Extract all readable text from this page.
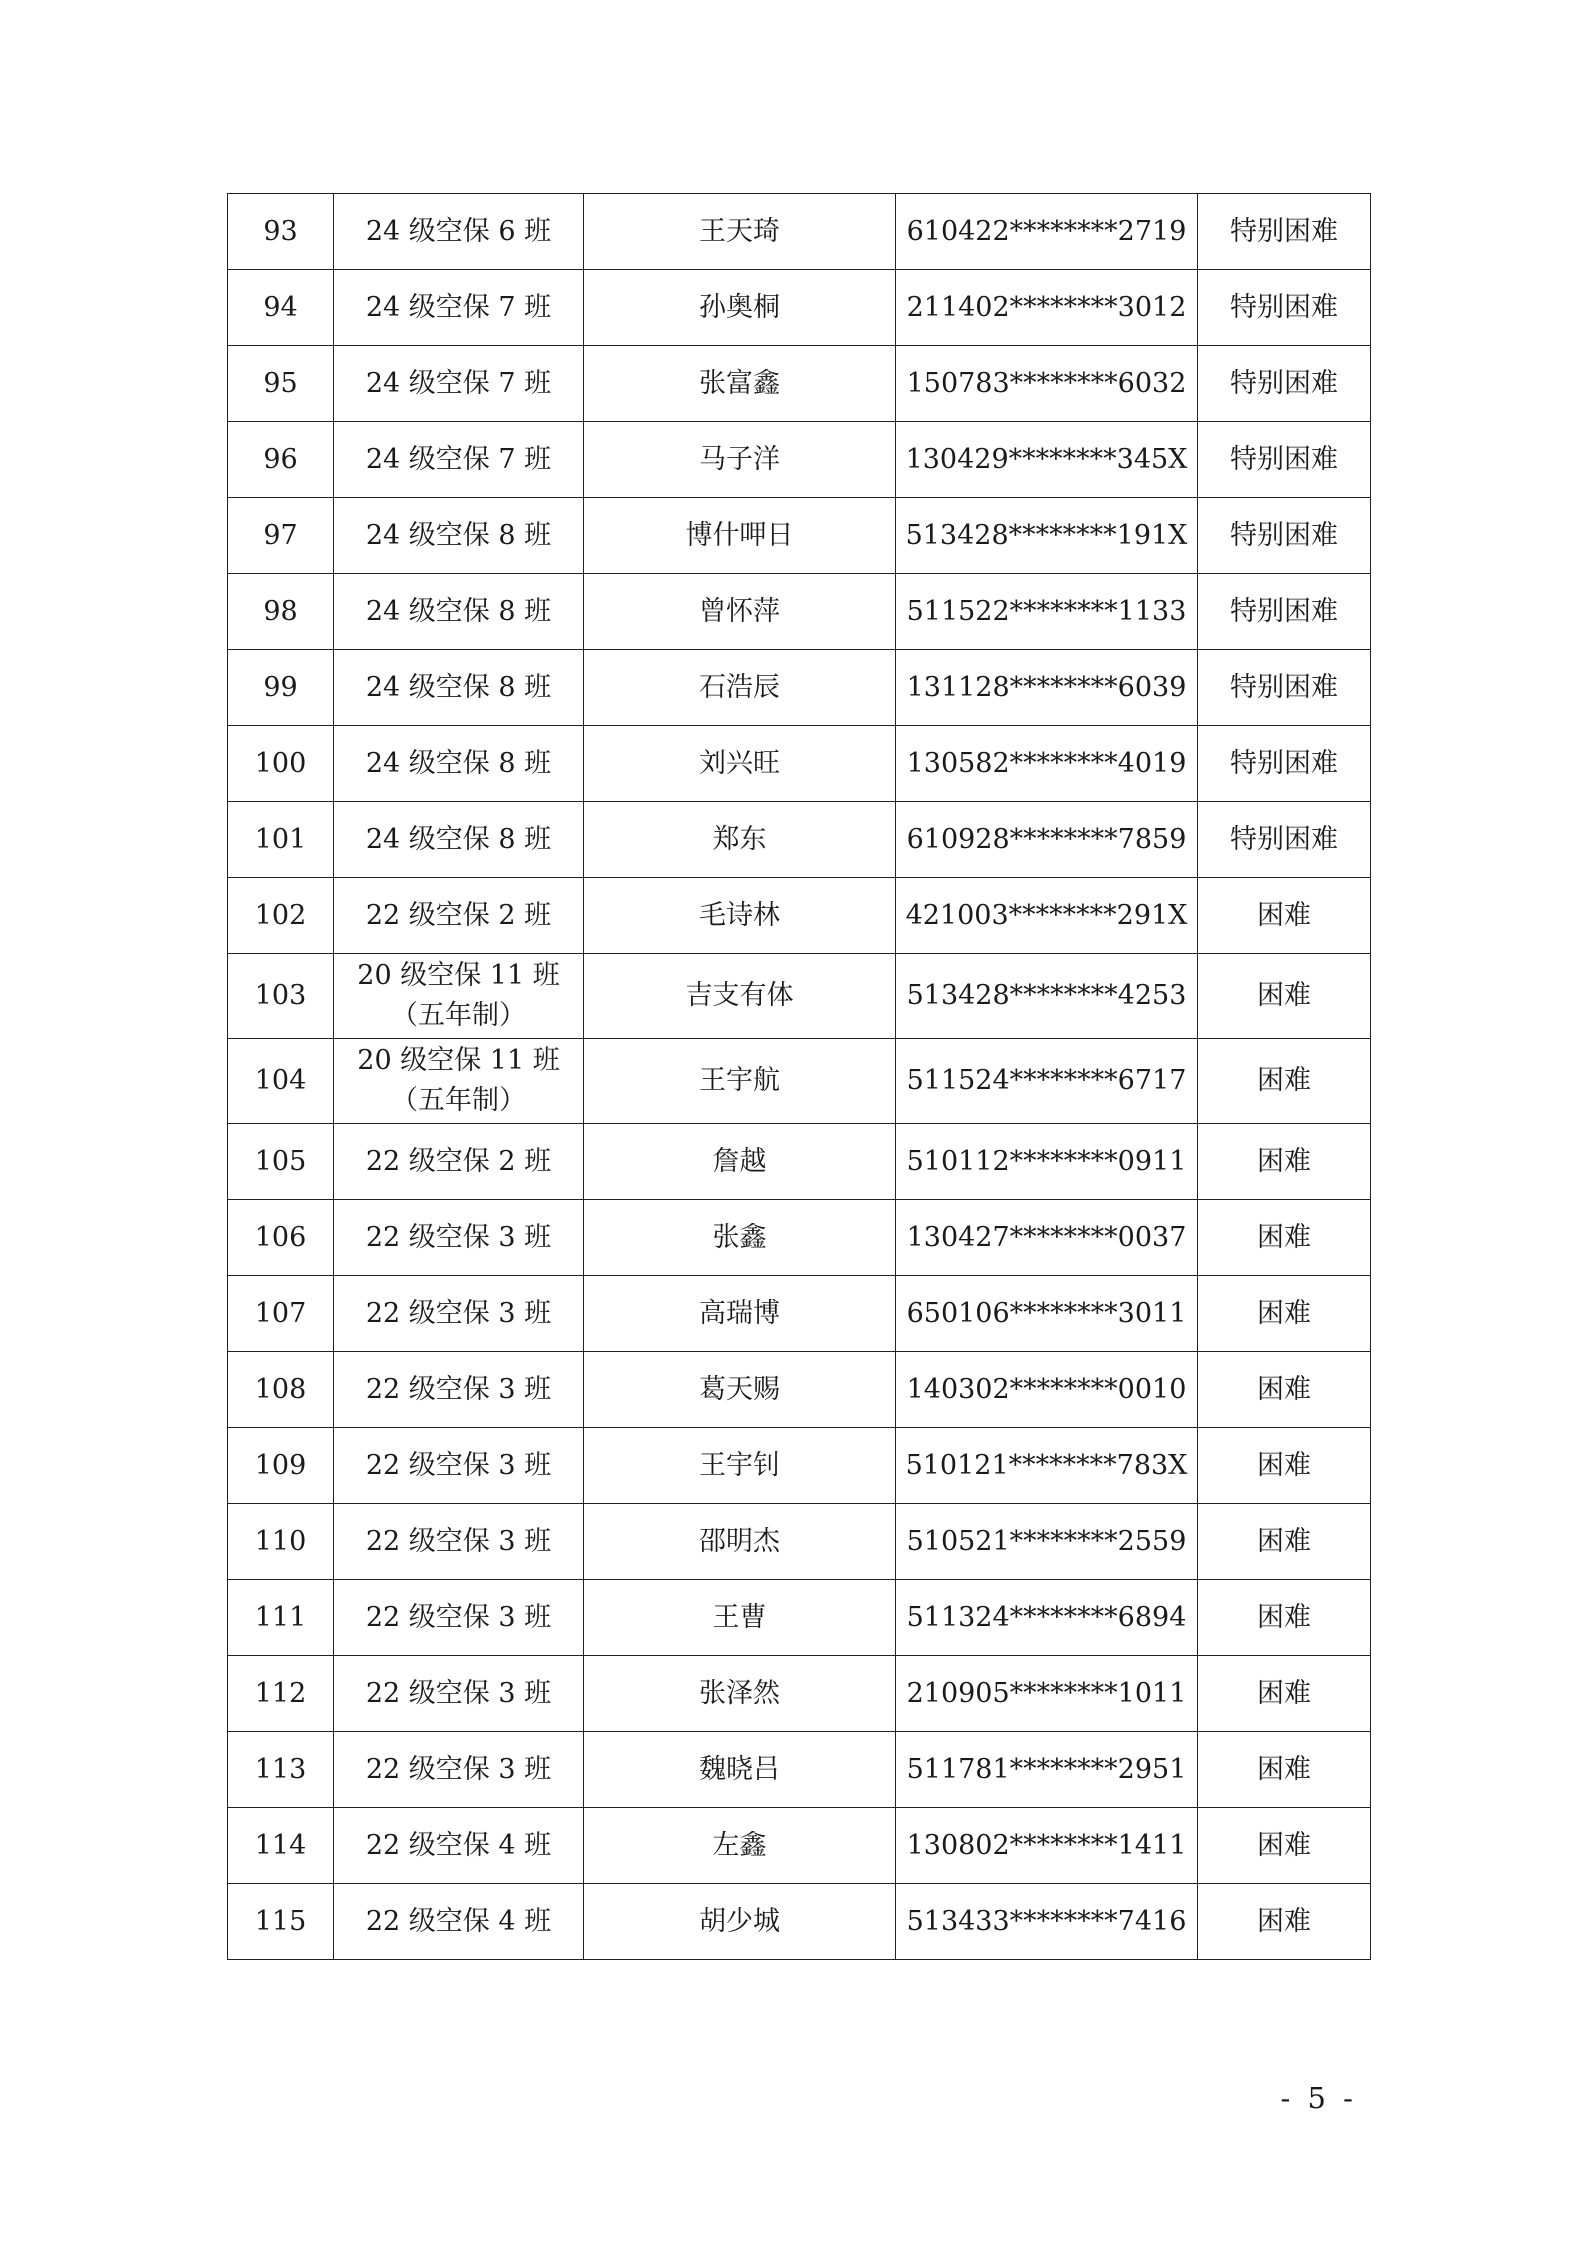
93	24 级空保 6 班	王天琦	610422********2719	特别困难
94	24 级空保 7 班	孙奥桐	211402********3012	特别困难
95	24 级空保 7 班	张富鑫	150783********6032	特别困难
96	24 级空保 7 班	马子洋	130429********345X	特别困难
97	24 级空保 8 班	博什呷日	513428********191X	特别困难
98	24 级空保 8 班	曾怀萍	511522********1133	特别困难
99	24 级空保 8 班	石浩辰	131128********6039	特别困难
100	24 级空保 8 班	刘兴旺	130582********4019	特别困难
101	24 级空保 8 班	郑东	610928********7859	特别困难
102	22 级空保 2 班	毛诗林	421003********291X	困难
103	20 级空保 11 班
（五年制）	吉支有体	513428********4253	困难
104	20 级空保 11 班
（五年制）	王宇航	511524********6717	困难
105	22 级空保 2 班	詹越	510112********0911	困难
106	22 级空保 3 班	张鑫	130427********0037	困难
107	22 级空保 3 班	高瑞博	650106********3011	困难
108	22 级空保 3 班	葛天赐	140302********0010	困难
109	22 级空保 3 班	王宇钊	510121********783X	困难
110	22 级空保 3 班	邵明杰	510521********2559	困难
111	22 级空保 3 班	王曹	511324********6894	困难
112	22 级空保 3 班	张泽然	210905********1011	困难
113	22 级空保 3 班	魏晓吕	511781********2951	困难
114	22 级空保 4 班	左鑫	130802********1411	困难
115	22 级空保 4 班	胡少城	513433********7416	困难
- 5 -
